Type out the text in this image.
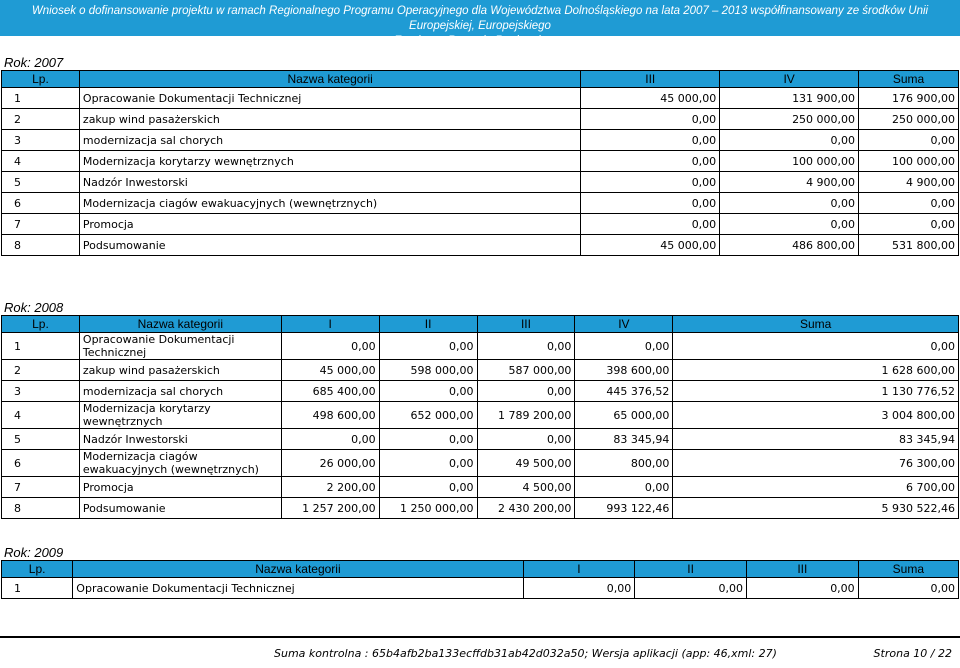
Wniosek o dofinansowanie projektu w ramach Regionalnego Programu Operacyjnego dla Województwa Dolnośląskiego na lata 2007 – 2013 współfinansowany ze środków Unii Europejskiej, Europejskiego
Funduszu Rozwoju Regionalnego
Rok: 2007
Lp.	Nazwa kategorii	III	IV	Suma
1	Opracowanie Dokumentacji Technicznej	45 000,00	131 900,00	176 900,00
2	zakup wind pasażerskich	0,00	250 000,00	250 000,00
3	modernizacja sal chorych	0,00	0,00	0,00
4	Modernizacja korytarzy wewnętrznych	0,00	100 000,00	100 000,00
5	Nadzór Inwestorski	0,00	4 900,00	4 900,00
6	Modernizacja ciagów ewakuacyjnych (wewnętrznych)	0,00	0,00	0,00
7	Promocja	0,00	0,00	0,00
8	Podsumowanie	45 000,00	486 800,00	531 800,00
Rok: 2008
Lp.	Nazwa kategorii	I	II	III	IV	Suma
1	Opracowanie Dokumentacji Technicznej	0,00	0,00	0,00	0,00	0,00
2	zakup wind pasażerskich	45 000,00	598 000,00	587 000,00	398 600,00	1 628 600,00
3	modernizacja sal chorych	685 400,00	0,00	0,00	445 376,52	1 130 776,52
4	Modernizacja korytarzy wewnętrznych	498 600,00	652 000,00	1 789 200,00	65 000,00	3 004 800,00
5	Nadzór Inwestorski	0,00	0,00	0,00	83 345,94	83 345,94
6	Modernizacja ciagów ewakuacyjnych (wewnętrznych)	26 000,00	0,00	49 500,00	800,00	76 300,00
7	Promocja	2 200,00	0,00	4 500,00	0,00	6 700,00
8	Podsumowanie	1 257 200,00	1 250 000,00	2 430 200,00	993 122,46	5 930 522,46
Rok: 2009
Lp.	Nazwa kategorii	I	II	III	Suma
1	Opracowanie Dokumentacji Technicznej	0,00	0,00	0,00	0,00
Suma kontrolna : 65b4afb2ba133ecffdb31ab42d032a50; Wersja aplikacji (app: 46,xml: 27)	Strona 10 / 22
